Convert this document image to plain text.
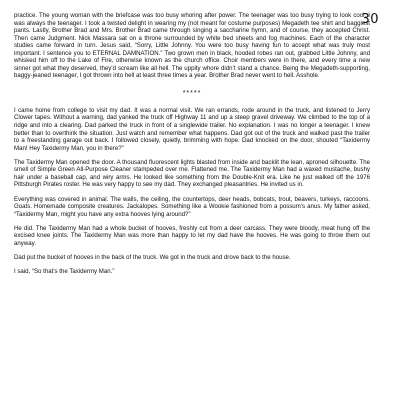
30

practice. The young woman with the briefcase was too busy whoring after power. The teenager was too busy trying to look cool. I was always the teenager. I took a twisted delight in wearing my (not meant for costume purposes) Megadeth tee shirt and baggiest pants. Lastly, Brother Brad and Mrs. Brother Brad came through singing a saccharine hymn, and of course, they accepted Christ. Then came Judgment. Nick Massara sat on a throne surrounded by white bed sheets and fog machines. Each of the character studies came forward in turn. Jesus said, “Sorry, Little Johnny. You were too busy having fun to accept what was truly most important. I sentence you to ETERNAL DAMNATION.” Two grown men in black, hooded robes ran out, grabbed Little Johnny, and whisked him off to the Lake of Fire, otherwise known as the church office. Choir members were in there, and every time a new sinner got what they deserved, they’d scream like all hell. The uppity whore didn’t stand a chance. Being the Megadeth-supporting, baggy-jeaned teenager, I got thrown into hell at least three times a year. Brother Brad never went to hell. Asshole.

*****

I came home from college to visit my dad. It was a normal visit. We ran errands, rode around in the truck, and listened to Jerry Clower tapes. Without a warning, dad yanked the truck off Highway 11 and up a steep gravel driveway. We climbed to the top of a ridge and into a clearing. Dad parked the truck in front of a singlewide trailer. No explanation. I was no longer a teenager. I knew better than to overthink the situation. Just watch and remember what happens. Dad got out of the truck and walked past the trailer to a freestanding garage out back. I followed closely, quietly, brimming with hope. Dad knocked on the door, shouted “Taxidermy Man! Hey Taxidermy Man, you in there?”

The Taxidermy Man opened the door. A thousand fluorescent lights blasted from inside and backlit the lean, aproned silhouette. The smell of Simple Green All-Purpose Cleaner stampeded over me. Flattened me. The Taxidermy Man had a waxed mustache, bushy hair under a baseball cap, and wiry arms. He looked like something from the Double-Knit era. Like he just walked off the 1976 Pittsburgh Pirates roster. He was very happy to see my dad. They exchanged pleasantries. He invited us in.

Everything was covered in animal. The walls, the ceiling, the countertops, deer heads, bobcats, trout, beavers, turkeys, raccoons. Goats. Homemade composite creatures. Jackalopes. Something like a Wookie fashioned from a possum’s anus. My father asked, “Taxidermy Man, might you have any extra hooves lying around?”

He did. The Taxidermy Man had a whole bucket of hooves, freshly cut from a deer carcass. They were bloody, meat hung off the excised knee joints. The Taxidermy Man was more than happy to let my dad have the hooves. He was going to throw them out anyway.

Dad put the bucket of hooves in the back of the truck. We got in the truck and drove back to the house.

I said, “So that’s the Taxidermy Man.”
